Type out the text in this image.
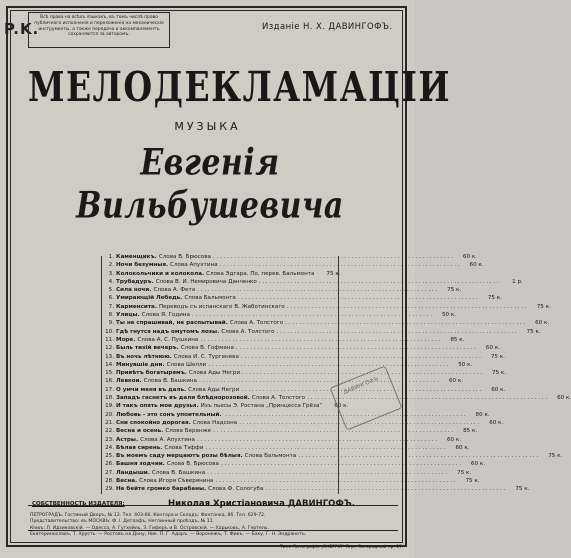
P.K.
Всѣ права на всѣхъ языкахъ, въ томъ числѣ право публичнаго исполненія и переложенія на механическіе инструменты, а также передача и аккомпанементъ сохраняются за авторомъ.
Изданіе Н. Х. ДАВИНГОФЪ.
МЕЛОДЕКЛАМАЦІИ
МУЗЫКА
Евгенія Вильбушевича
1. Каменщикъ. Слова В. Брюсова . . .	60 к.
2. Ночи безумныя. Слова Апухтина . . .	60 к.
3. Колокольчики и колокола. Слова Эдгара. По, перев. Бальмонта	75 к.
4. Трубадуръ. Слова В. И. Немировича Данченко . . .	1 р.
5. Сила ночи. Слова А. Фета . . .	75 к.
6. Умирающій Лебедь. Слова Бальмонта . . .	75 к.
7. Карменсита. Переводъ съ испанскаго В. Жаботинскаго . . .	75 к.
8. Улицы. Слова Я. Година . . .	50 к.
9. Ты не спрашивай, не распытывай. Слова А. Толстого . . .	60 к.
10. Гдѣ гнутся надъ омутомъ лозы. Слова А. Толстого . . .	75 к.
11. Море. Слова А. С. Пушкина . . .	85 к.
12. Быль тихій вечеръ. Слова В. Гофмана . . .	60 к.
13. Въ ночь лѣтнюю. Слова И. С. Тургенева . . .	75 к.
14. Минувшіе дни. Слова Шелли . . .	50 к.
15. Привѣтъ богатырямъ. Слова Ады Негри . . .	75 к.
16. Левкои. Слова В. Башкина . . .	60 к.
17. О умчи меня въ даль. Слова Ады Негри . . .	60 к.
18. Западъ гаснетъ въ дали блѣднорозовой. Слова А. Толстого . . .	60 к.
19. И такъ опять мои друзья. Изъ пьесы Э. Ростана „Принцесса Грёза“	60 к.
20. Любовь - это сонъ упоительный. . . .	80 к.
21. Сни спокойно дорогая. Слова Надсона . . .	60 к.
22. Весна и осень. Слова Беранже . . .	85 к.
23. Астры. Слова А. Апухтина . . .	60 к.
24. Бѣлая сирень. Слова Тэффи . . .	60 к.
25. Въ моемъ саду мерцаютъ розы бѣлыя. Слова Бальмонта . . .	75 к.
26. Башня зодчии. Слова В. Брюсова . . .	60 к.
27. Ландыши. Слова В. Башкина . . .	75 к.
28. Весна. Слова Игоря Сѣверянина . . .	75 к.
29. Не бейте громко барабаны. Слова Ф. Сологуба . . .	75 к.
ДАВИНГОФЪ
СОБСТВЕННОСТЬ ИЗДАТЕЛЯ:	Николая Христіановича ДАВИНГОФЪ.
ПЕТРОГРАДЪ, Гостиный Дворъ, № 12. Тел. 403-66. Контора и Складъ: Фонтанка, 86. Тел. 629-72.
Представительство: въ МОСКВѢ: Ф. І. Детлафъ, Неглинный проѣздъ, № 11.
Кіевъ: Л. Идзиковскій. — Одесса, А. Гутхейль, З. Гиферъ и В. Островскій. — Харьковъ, А. Гертель.
Екатеринославъ, Т. Хрусть. — Ростовъ на Дону, Ник. П. Г. Адаръ. — Воронежъ, Т. Фикъ. — Баку, Г. Н. Эндранетъ.
Типо-Литографія „ЭНЕРГІЯ“ Пгр., Загородный пр. 17.
